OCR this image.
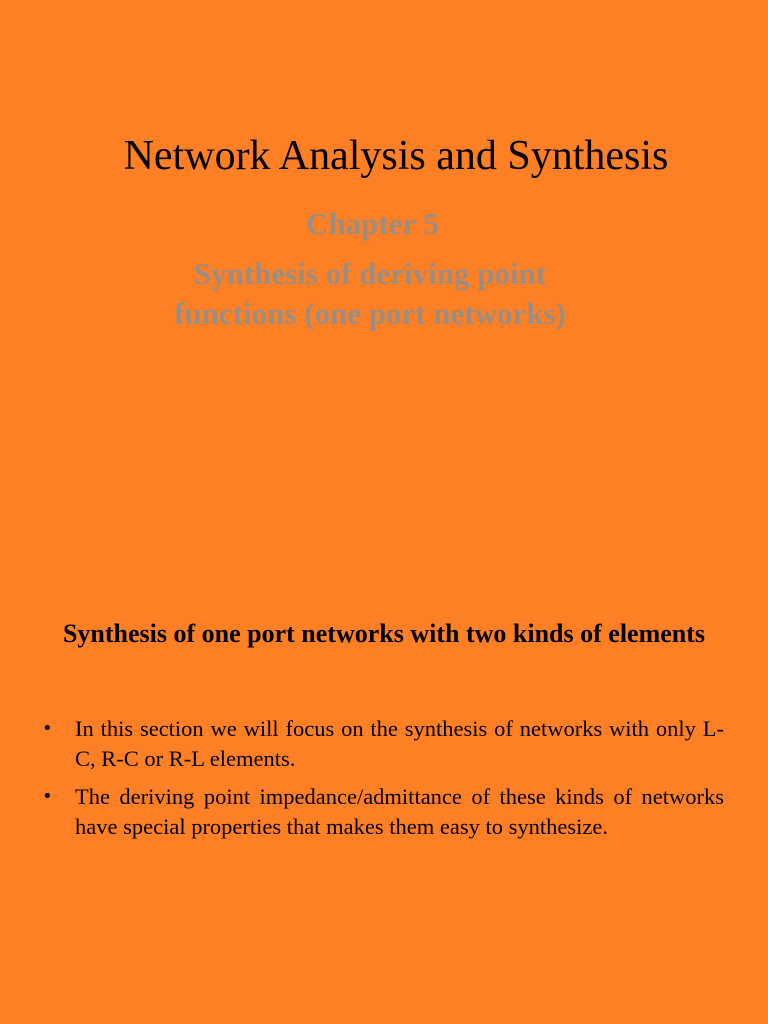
Network Analysis and Synthesis
Chapter 5
Synthesis of deriving point functions (one port networks)
Synthesis of one port networks with two kinds of elements
• In this section we will focus on the synthesis of networks with only L-C, R-C or R-L elements.
• The deriving point impedance/admittance of these kinds of networks have special properties that makes them easy to synthesize.
